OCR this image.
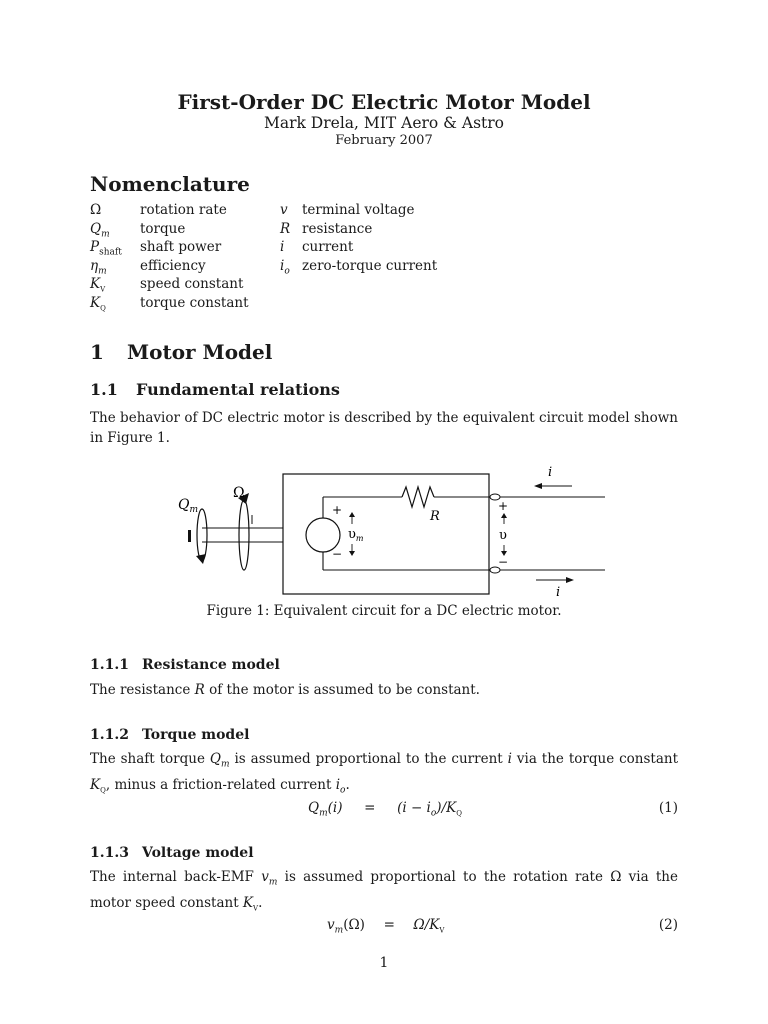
First-Order DC Electric Motor Model
Mark Drela, MIT Aero & Astro
February 2007
Nomenclature
Ω	rotation rate
$Q_m$	torque
$P_{shaft}$	shaft power
$\eta_m$	efficiency
$K_V$	speed constant
$K_Q$	torque constant
v	terminal voltage
R resistance
i	current
$i_o$ zero-torque current
1 Motor Model
1.1 Fundamental relations
The behavior of DC electric motor is described by the equivalent circuit model shown in Figure 1.
$Q_m$
Ω
+
−
$\upsilon_m$
R
+
υ
−
i
i
Figure 1: Equivalent circuit for a DC electric motor.
1.1.1 Resistance model
The resistance R of the motor is assumed to be constant.
1.1.2 Torque model
The shaft torque $Q_m$ is assumed proportional to the current i via the torque constant $K_Q$, minus a friction-related current $i_o$.
$Q_m(i) = (i - i_o)/K_Q$	(1)
1.1.3 Voltage model
The internal back-EMF $v_m$ is assumed proportional to the rotation rate Ω via the motor speed constant $K_V$.
$v_m(\Omega) = \Omega/K_V$	(2)
1
